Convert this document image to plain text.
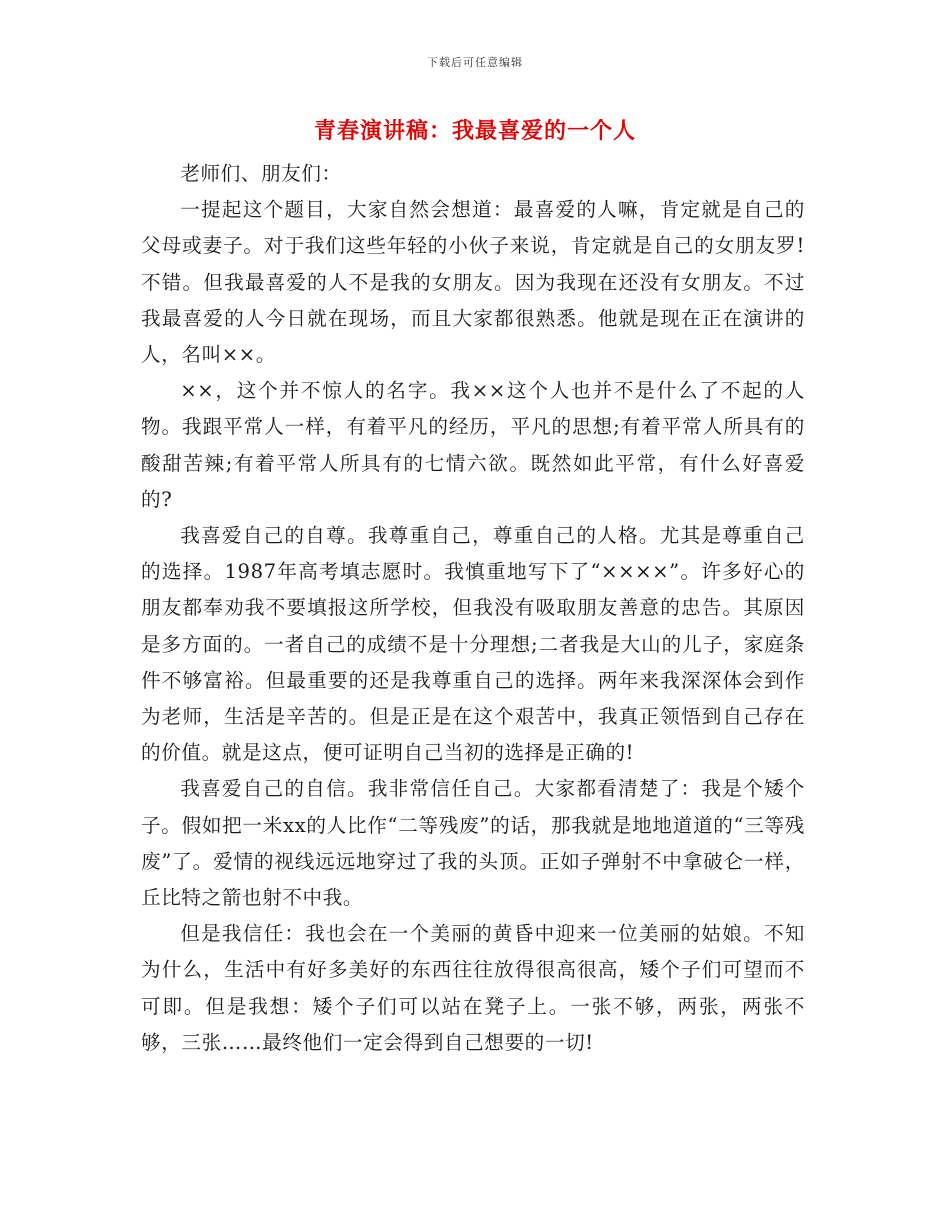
下载后可任意编辑
青春演讲稿：我最喜爱的一个人

老师们、朋友们：

一提起这个题目，大家自然会想道：最喜爱的人嘛，肯定就是自己的父母或妻子。对于我们这些年轻的小伙子来说，肯定就是自己的女朋友罗!不错。但我最喜爱的人不是我的女朋友。因为我现在还没有女朋友。不过我最喜爱的人今日就在现场，而且大家都很熟悉。他就是现在正在演讲的人，名叫××。

××，这个并不惊人的名字。我××这个人也并不是什么了不起的人物。我跟平常人一样，有着平凡的经历，平凡的思想;有着平常人所具有的酸甜苦辣;有着平常人所具有的七情六欲。既然如此平常，有什么好喜爱的?

我喜爱自己的自尊。我尊重自己，尊重自己的人格。尤其是尊重自己的选择。1987年高考填志愿时。我慎重地写下了“××××”。许多好心的朋友都奉劝我不要填报这所学校，但我没有吸取朋友善意的忠告。其原因是多方面的。一者自己的成绩不是十分理想;二者我是大山的儿子，家庭条件不够富裕。但最重要的还是我尊重自己的选择。两年来我深深体会到作为老师，生活是辛苦的。但是正是在这个艰苦中，我真正领悟到自己存在的价值。就是这点，便可证明自己当初的选择是正确的!

我喜爱自己的自信。我非常信任自己。大家都看清楚了：我是个矮个子。假如把一米xx的人比作“二等残废”的话，那我就是地地道道的“三等残废”了。爱情的视线远远地穿过了我的头顶。正如子弹射不中拿破仑一样，丘比特之箭也射不中我。

但是我信任：我也会在一个美丽的黄昏中迎来一位美丽的姑娘。不知为什么，生活中有好多美好的东西往往放得很高很高，矮个子们可望而不可即。但是我想：矮个子们可以站在凳子上。一张不够，两张，两张不够，三张……最终他们一定会得到自己想要的一切!
